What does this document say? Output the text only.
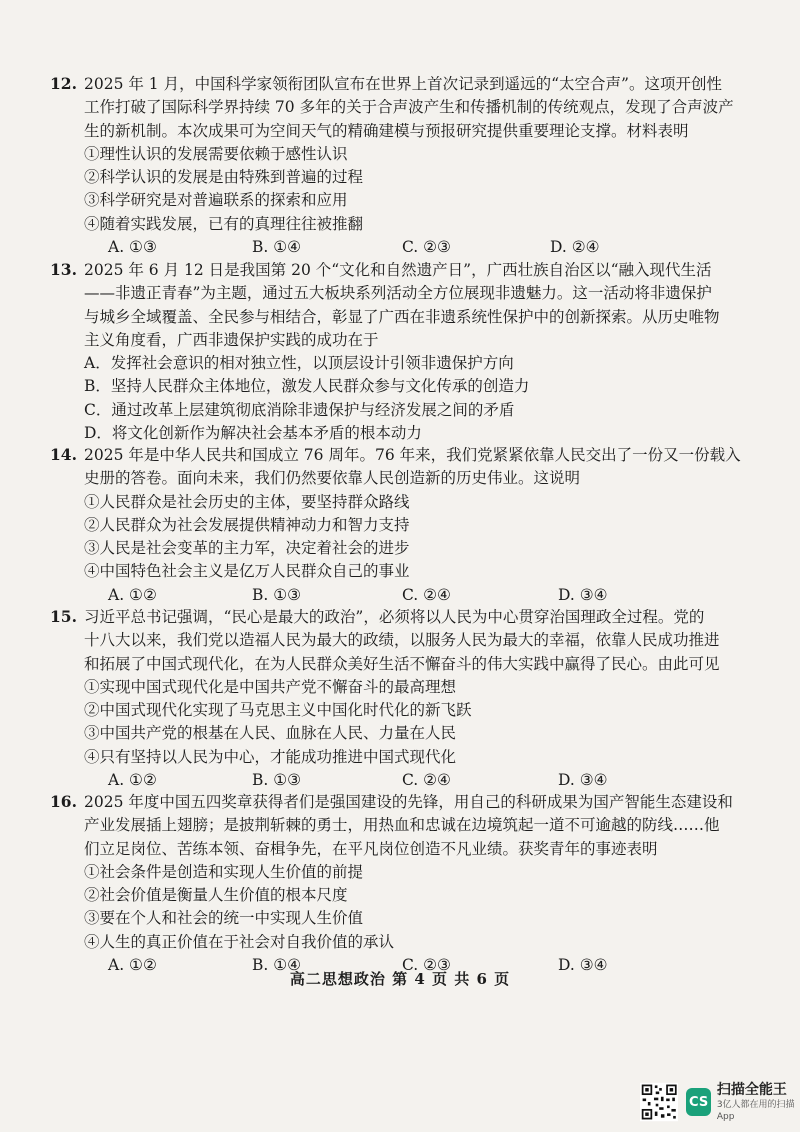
12. 2025 年 1 月，中国科学家领衔团队宣布在世界上首次记录到遥远的“太空合声”。这项开创性
工作打破了国际科学界持续 70 多年的关于合声波产生和传播机制的传统观点，发现了合声波产
生的新机制。本次成果可为空间天气的精确建模与预报研究提供重要理论支撑。材料表明
①理性认识的发展需要依赖于感性认识
②科学认识的发展是由特殊到普遍的过程
③科学研究是对普遍联系的探索和应用
④随着实践发展，已有的真理往往被推翻
A. ①③	B. ①④	C. ②③	D. ②④
13. 2025 年 6 月 12 日是我国第 20 个“文化和自然遗产日”，广西壮族自治区以“融入现代生活
——非遗正青春”为主题，通过五大板块系列活动全方位展现非遗魅力。这一活动将非遗保护
与城乡全域覆盖、全民参与相结合，彰显了广西在非遗系统性保护中的创新探索。从历史唯物
主义角度看，广西非遗保护实践的成功在于
A．发挥社会意识的相对独立性，以顶层设计引领非遗保护方向
B．坚持人民群众主体地位，激发人民群众参与文化传承的创造力
C．通过改革上层建筑彻底消除非遗保护与经济发展之间的矛盾
D．将文化创新作为解决社会基本矛盾的根本动力
14. 2025 年是中华人民共和国成立 76 周年。76 年来，我们党紧紧依靠人民交出了一份又一份载入
史册的答卷。面向未来，我们仍然要依靠人民创造新的历史伟业。这说明
①人民群众是社会历史的主体，要坚持群众路线
②人民群众为社会发展提供精神动力和智力支持
③人民是社会变革的主力军，决定着社会的进步
④中国特色社会主义是亿万人民群众自己的事业
A. ①②	B. ①③	C. ②④	D. ③④
15. 习近平总书记强调，“民心是最大的政治”，必须将以人民为中心贯穿治国理政全过程。党的
十八大以来，我们党以造福人民为最大的政绩，以服务人民为最大的幸福，依靠人民成功推进
和拓展了中国式现代化，在为人民群众美好生活不懈奋斗的伟大实践中赢得了民心。由此可见
①实现中国式现代化是中国共产党不懈奋斗的最高理想
②中国式现代化实现了马克思主义中国化时代化的新飞跃
③中国共产党的根基在人民、血脉在人民、力量在人民
④只有坚持以人民为中心，才能成功推进中国式现代化
A. ①②	B. ①③	C. ②④	D. ③④
16. 2025 年度中国五四奖章获得者们是强国建设的先锋，用自己的科研成果为国产智能生态建设和
产业发展插上翅膀；是披荆斩棘的勇士，用热血和忠诚在边境筑起一道不可逾越的防线……他
们立足岗位、苦练本领、奋楫争先，在平凡岗位创造不凡业绩。获奖青年的事迹表明
①社会条件是创造和实现人生价值的前提
②社会价值是衡量人生价值的根本尺度
③要在个人和社会的统一中实现人生价值
④人生的真正价值在于社会对自我价值的承认
A. ①②	B. ①④	C. ②③	D. ③④
高二思想政治 第 4 页 共 6 页
CS
扫描全能王
3亿人都在用的扫描App
